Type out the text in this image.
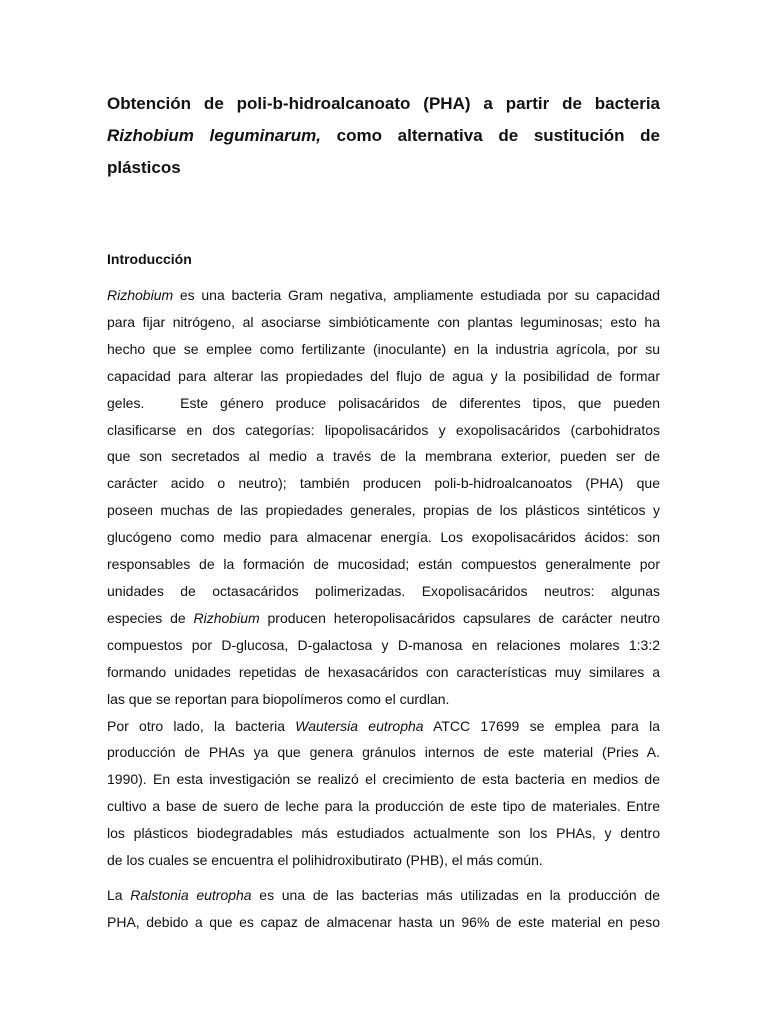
Obtención de poli-b-hidroalcanoato (PHA) a partir de bacteria
Rizhobium leguminarum, como alternativa de sustitución de
plásticos
Introducción

Rizhobium es una bacteria Gram negativa, ampliamente estudiada por su capacidad
para fijar nitrógeno, al asociarse simbióticamente con plantas leguminosas; esto ha
hecho que se emplee como fertilizante (inoculante) en la industria agrícola, por su
capacidad para alterar las propiedades del flujo de agua y la posibilidad de formar
geles.   Este género produce polisacáridos de diferentes tipos, que pueden
clasificarse en dos categorías: lipopolisacáridos y exopolisacáridos (carbohidratos
que son secretados al medio a través de la membrana exterior, pueden ser de
carácter acido o neutro); también producen poli-b-hidroalcanoatos (PHA) que
poseen muchas de las propiedades generales, propias de los plásticos sintéticos y
glucógeno como medio para almacenar energía. Los exopolisacáridos ácidos: son
responsables de la formación de mucosidad; están compuestos generalmente por
unidades de octasacáridos polimerizadas. Exopolisacáridos neutros: algunas
especies de Rizhobium producen heteropolisacáridos capsulares de carácter neutro
compuestos por D-glucosa, D-galactosa y D-manosa en relaciones molares 1:3:2
formando unidades repetidas de hexasacáridos con características muy similares a
las que se reportan para biopolímeros como el curdlan.

Por otro lado, la bacteria Wautersia eutropha ATCC 17699 se emplea para la
producción de PHAs ya que genera gránulos internos de este material (Pries A.
1990). En esta investigación se realizó el crecimiento de esta bacteria en medios de
cultivo a base de suero de leche para la producción de este tipo de materiales. Entre
los plásticos biodegradables más estudiados actualmente son los PHAs, y dentro
de los cuales se encuentra el polihidroxibutirato (PHB), el más común.

La Ralstonia eutropha es una de las bacterias más utilizadas en la producción de
PHA, debido a que es capaz de almacenar hasta un 96% de este material en peso
